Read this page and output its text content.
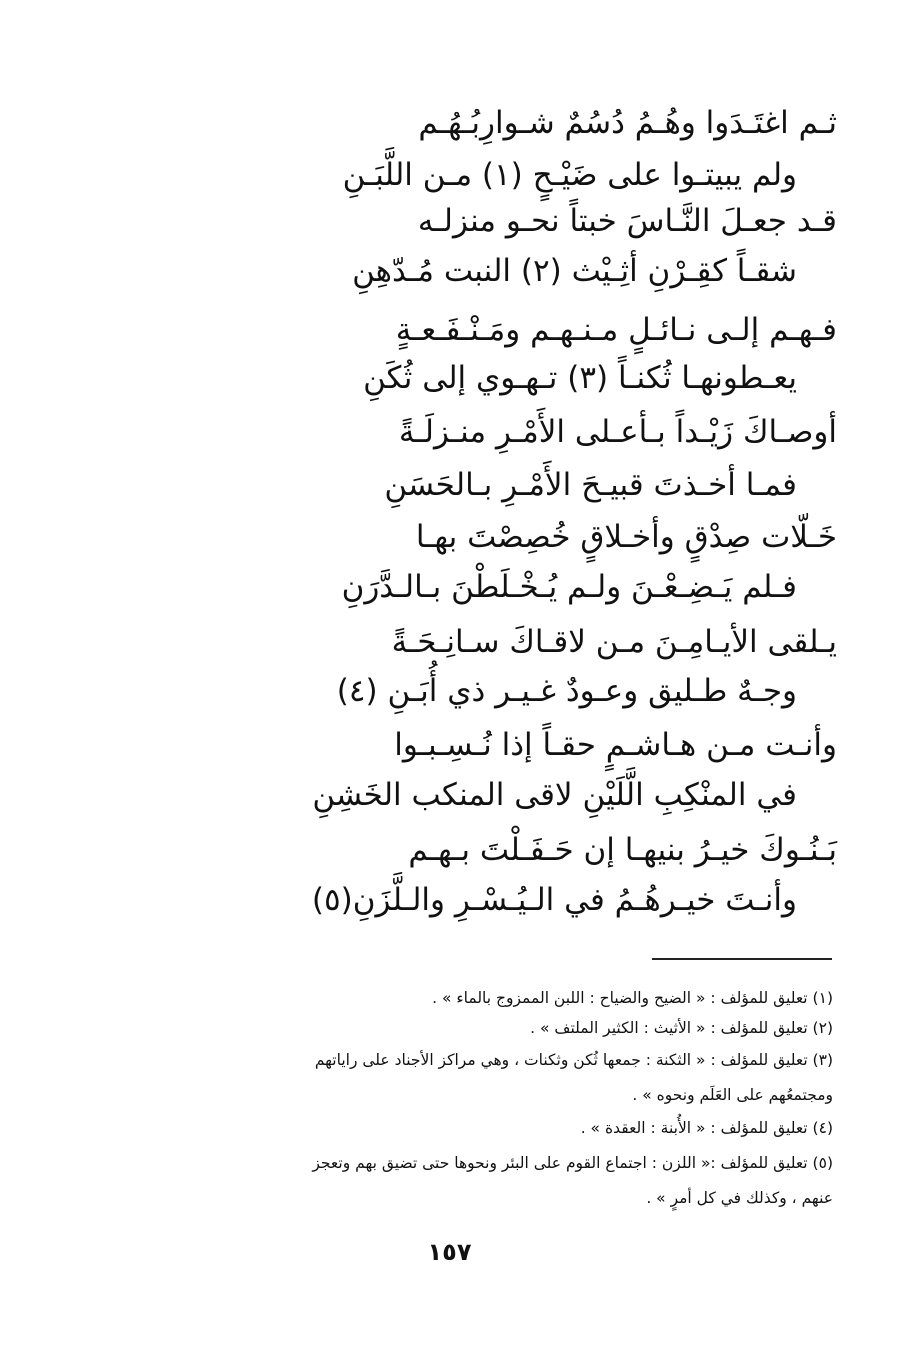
ثـم اغتَـدَوا وهُـمُ دُسُمٌ شـوارِبُـهُـم
ولم يبيتـوا على ضَيْـحٍ (١) مـن اللَّبَـنِ
قـد جعـلَ النَّـاسَ خبتاً نحـو منزلـه
شقـاً كقِـرْنِ أثِـيْث (٢) النبت مُـدّهِنِ
فـهـم إلـى نـائـلٍ مـنـهـم ومَـنْـفَـعـةٍ
يعـطونهـا ثُكنـاً (٣) تـهـوي إلى ثُكَنِ
أوصـاكَ زَيْـداً بـأعـلى الأَمْـرِ منـزلَـةً
فمـا أخـذتَ قبيـحَ الأَمْـرِ بـالحَسَنِ
خَـلّات صِدْقٍ وأخـلاقٍ خُصِصْتَ بهـا
فـلم يَـضِـعْـنَ ولـم يُـخْـلَطْنَ بـالـدَّرَنِ
يـلقى الأيـامِـنَ مـن لاقـاكَ سـانِـحَـةً
وجـهٌ طـليق وعـودٌ غـيـر ذي أُبَـنِ (٤)
وأنـت مـن هـاشـمٍ حقـاً إذا نُـسِـبـوا
في المنْكِبِ الَّلَيْنِ لاقى المنكب الخَشِنِ
بَـنُـوكَ خيـرُ بنيهـا إن حَـفَـلْتَ بـهـم
وأنـتَ خيـرهُـمُ في الـيُـسْـرِ والـلَّزَنِ(٥)
(١) تعليق للمؤلف : « الضيح والضياح : اللبن الممزوج بالماء » .
(٢) تعليق للمؤلف : « الأثيث : الكثير الملتف » .
(٣) تعليق للمؤلف : « الثكنة : جمعها ثُكن وثكنات ، وهي مراكز الأجناد على راياتهم
ومجتمعُهم على العَلَم ونحوه » .
(٤) تعليق للمؤلف : « الأُبنة : العقدة » .
(٥) تعليق للمؤلف :« اللزن : اجتماع القوم على البئر ونحوها حتى تضيق بهم وتعجز
عنهم ، وكذلك في كل أمرٍ » .
١٥٧
